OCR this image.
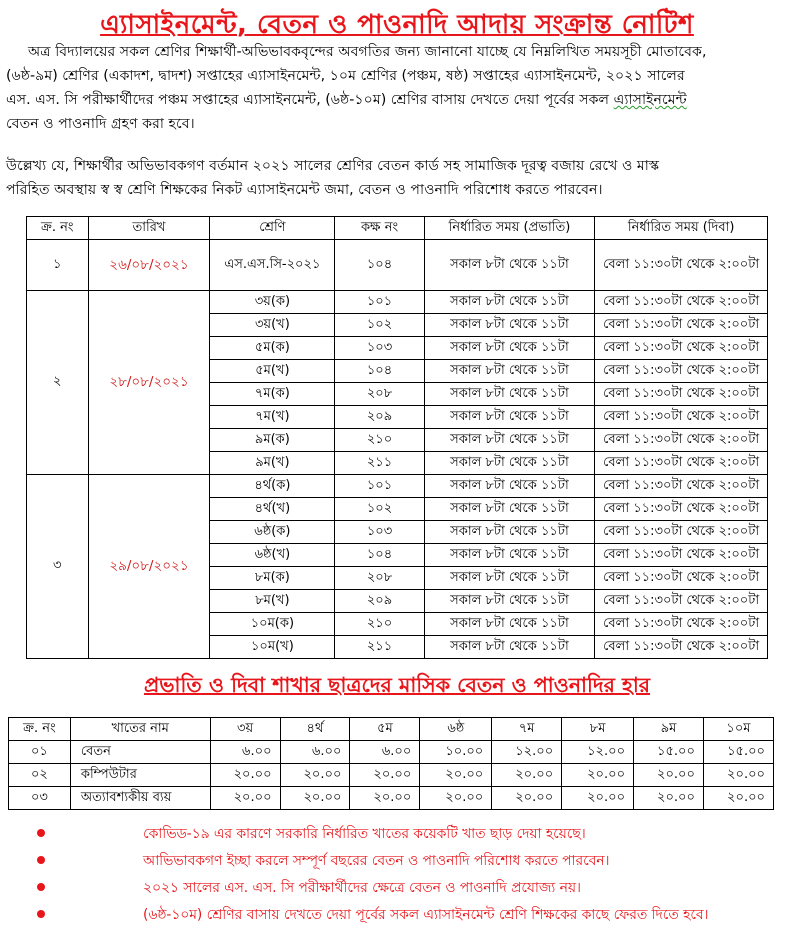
এ্যাসাইনমেন্ট, বেতন ও পাওনাদি আদায় সংক্রান্ত নোটিশ
অত্র বিদ্যালয়ের সকল শ্রেণির শিক্ষার্থী-অভিভাবকবৃন্দের অবগতির জন্য জানানো যাচ্ছে যে নিম্নলিখিত সময়সূচী মোতাবেক,
(৬ষ্ঠ-৯ম) শ্রেণির (একাদশ, দ্বাদশ) সপ্তাহের এ্যাসাইনমেন্ট, ১০ম শ্রেণির (পঞ্চম, ষষ্ঠ) সপ্তাহের এ্যাসাইনমেন্ট, ২০২১ সালের
এস. এস. সি পরীক্ষার্থীদের পঞ্চম সপ্তাহের এ্যাসাইনমেন্ট, (৬ষ্ঠ-১০ম) শ্রেণির বাসায় দেখতে দেয়া পূর্বের সকল এ্যাসাইনমেন্ট
বেতন ও পাওনাদি গ্রহণ করা হবে।
উল্লেখ্য যে, শিক্ষার্থীর অভিভাবকগণ বর্তমান ২০২১ সালের শ্রেণির বেতন কার্ড সহ সামাজিক দূরত্ব বজায় রেখে ও মাস্ক
পরিহিত অবস্থায় স্ব স্ব শ্রেণি শিক্ষকের নিকট এ্যাসাইনমেন্ট জমা, বেতন ও পাওনাদি পরিশোধ করতে পারবেন।
ক্র. নং	তারিখ	শ্রেণি	কক্ষ নং	নির্ধারিত সময় (প্রভাতি)	নির্ধারিত সময় (দিবা)
১	২৬/০৮/২০২১	এস.এস.সি-২০২১	১০৪	সকাল ৮টা থেকে ১১টা	বেলা ১১:৩০টা থেকে ২:০০টা
২	২৮/০৮/২০২১	৩য়(ক)	১০১	সকাল ৮টা থেকে ১১টা	বেলা ১১:৩০টা থেকে ২:০০টা
		৩য়(খ)	১০২	সকাল ৮টা থেকে ১১টা	বেলা ১১:৩০টা থেকে ২:০০টা
		৫ম(ক)	১০৩	সকাল ৮টা থেকে ১১টা	বেলা ১১:৩০টা থেকে ২:০০টা
		৫ম(খ)	১০৪	সকাল ৮টা থেকে ১১টা	বেলা ১১:৩০টা থেকে ২:০০টা
		৭ম(ক)	২০৮	সকাল ৮টা থেকে ১১টা	বেলা ১১:৩০টা থেকে ২:০০টা
		৭ম(খ)	২০৯	সকাল ৮টা থেকে ১১টা	বেলা ১১:৩০টা থেকে ২:০০টা
		৯ম(ক)	২১০	সকাল ৮টা থেকে ১১টা	বেলা ১১:৩০টা থেকে ২:০০টা
		৯ম(খ)	২১১	সকাল ৮টা থেকে ১১টা	বেলা ১১:৩০টা থেকে ২:০০টা
৩	২৯/০৮/২০২১	৪র্থ(ক)	১০১	সকাল ৮টা থেকে ১১টা	বেলা ১১:৩০টা থেকে ২:০০টা
		৪র্থ(খ)	১০২	সকাল ৮টা থেকে ১১টা	বেলা ১১:৩০টা থেকে ২:০০টা
		৬ষ্ঠ(ক)	১০৩	সকাল ৮টা থেকে ১১টা	বেলা ১১:৩০টা থেকে ২:০০টা
		৬ষ্ঠ(খ)	১০৪	সকাল ৮টা থেকে ১১টা	বেলা ১১:৩০টা থেকে ২:০০টা
		৮ম(ক)	২০৮	সকাল ৮টা থেকে ১১টা	বেলা ১১:৩০টা থেকে ২:০০টা
		৮ম(খ)	২০৯	সকাল ৮টা থেকে ১১টা	বেলা ১১:৩০টা থেকে ২:০০টা
		১০ম(ক)	২১০	সকাল ৮টা থেকে ১১টা	বেলা ১১:৩০টা থেকে ২:০০টা
		১০ম(খ)	২১১	সকাল ৮টা থেকে ১১টা	বেলা ১১:৩০টা থেকে ২:০০টা
প্রভাতি ও দিবা শাখার ছাত্রদের মাসিক বেতন ও পাওনাদির হার
ক্র. নং	খাতের নাম	৩য়	৪র্থ	৫ম	৬ষ্ঠ	৭ম	৮ম	৯ম	১০ম
০১	বেতন	৬.০০	৬.০০	৬.০০	১০.০০	১২.০০	১২.০০	১৫.০০	১৫.০০
০২	কম্পিউটার	২০.০০	২০.০০	২০.০০	২০.০০	২০.০০	২০.০০	২০.০০	২০.০০
০৩	অত্যাবশ্যকীয় ব্যয়	২০.০০	২০.০০	২০.০০	২০.০০	২০.০০	২০.০০	২০.০০	২০.০০
কোভিড-১৯ এর কারণে সরকারি নির্ধারিত খাতের কয়েকটি খাত ছাড় দেয়া হয়েছে।
আভিভাবকগণ ইচ্ছা করলে সম্পূর্ণ বছরের বেতন ও পাওনাদি পরিশোধ করতে পারবেন।
২০২১ সালের এস. এস. সি পরীক্ষার্থীদের ক্ষেত্রে বেতন ও পাওনাদি প্রযোজ্য নয়।
(৬ষ্ঠ-১০ম) শ্রেণির বাসায় দেখতে দেয়া পূর্বের সকল এ্যাসাইনমেন্ট শ্রেণি শিক্ষকের কাছে ফেরত দিতে হবে।
